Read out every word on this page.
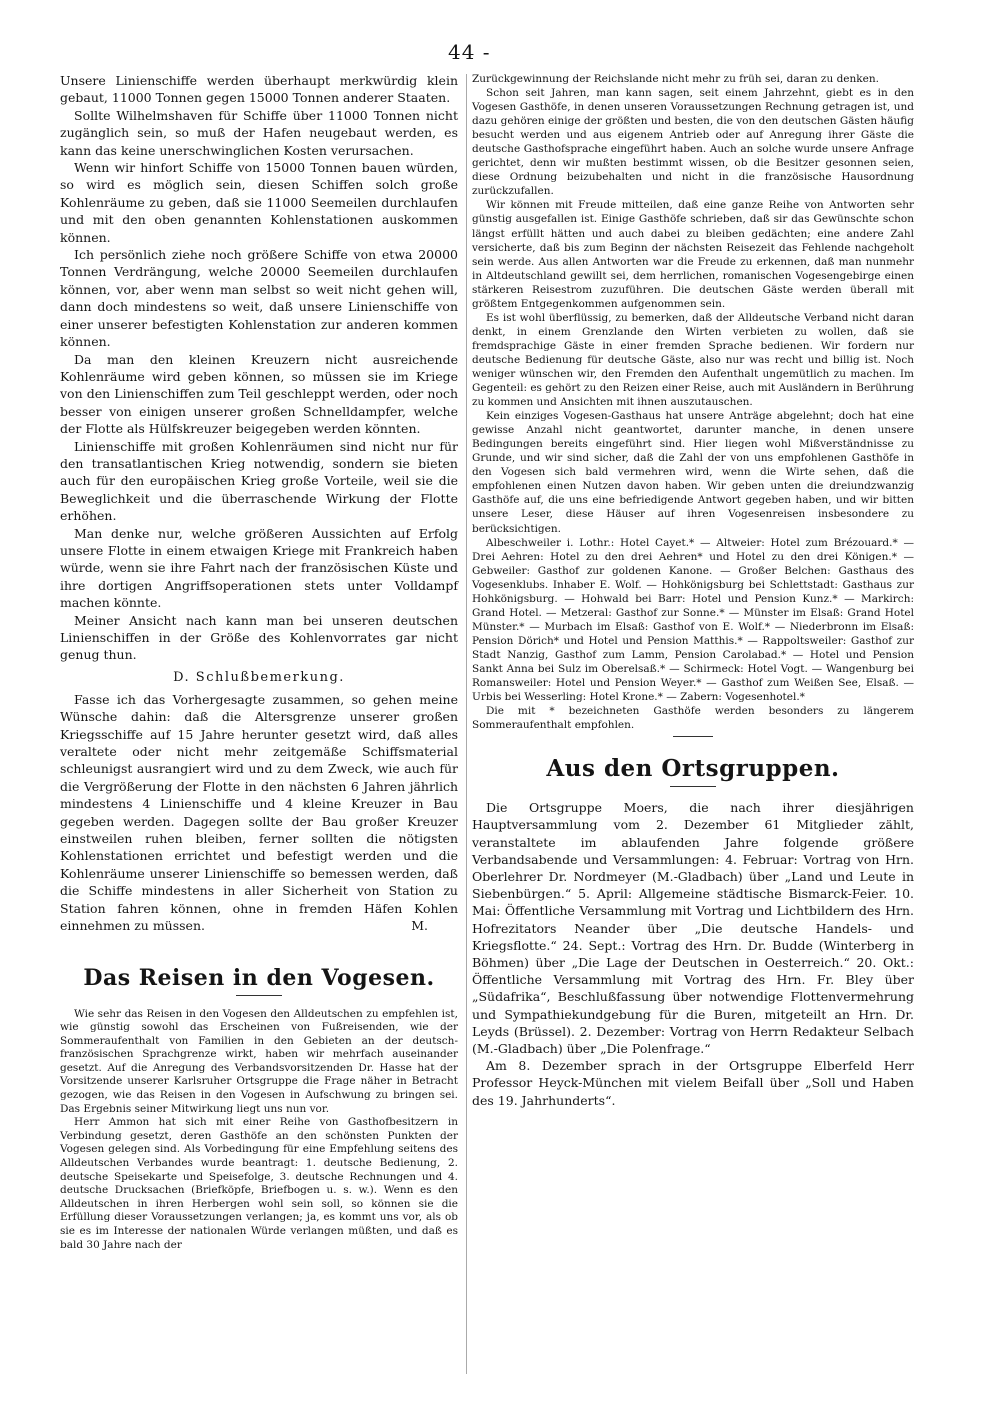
44 -

Unsere Linienschiffe werden überhaupt merkwürdig klein gebaut, 11000 Tonnen gegen 15000 Tonnen anderer Staaten.

Sollte Wilhelmshaven für Schiffe über 11000 Tonnen nicht zugänglich sein, so muß der Hafen neugebaut werden, es kann das keine unerschwinglichen Kosten verursachen.

Wenn wir hinfort Schiffe von 15000 Tonnen bauen würden, so wird es möglich sein, diesen Schiffen solch große Kohlenräume zu geben, daß sie 11000 Seemeilen durchlaufen und mit den oben genannten Kohlenstationen auskommen können.

Ich persönlich ziehe noch größere Schiffe von etwa 20000 Tonnen Verdrängung, welche 20000 Seemeilen durchlaufen können, vor, aber wenn man selbst so weit nicht gehen will, dann doch mindestens so weit, daß unsere Linienschiffe von einer unserer befestigten Kohlenstation zur anderen kommen können.

Da man den kleinen Kreuzern nicht ausreichende Kohlenräume wird geben können, so müssen sie im Kriege von den Linienschiffen zum Teil geschleppt werden, oder noch besser von einigen unserer großen Schnelldampfer, welche der Flotte als Hülfskreuzer beigegeben werden könnten.

Linienschiffe mit großen Kohlenräumen sind nicht nur für den transatlantischen Krieg notwendig, sondern sie bieten auch für den europäischen Krieg große Vorteile, weil sie die Beweglichkeit und die überraschende Wirkung der Flotte erhöhen.

Man denke nur, welche größeren Aussichten auf Erfolg unsere Flotte in einem etwaigen Kriege mit Frankreich haben würde, wenn sie ihre Fahrt nach der französischen Küste und ihre dortigen Angriffsoperationen stets unter Volldampf machen könnte.

Meiner Ansicht nach kann man bei unseren deutschen Linienschiffen in der Größe des Kohlenvorrates gar nicht genug thun.

D. Schlußbemerkung.

Fasse ich das Vorhergesagte zusammen, so gehen meine Wünsche dahin: daß die Altersgrenze unserer großen Kriegsschiffe auf 15 Jahre herunter gesetzt wird, daß alles veraltete oder nicht mehr zeitgemäße Schiffsmaterial schleunigst ausrangiert wird und zu dem Zweck, wie auch für die Vergrößerung der Flotte in den nächsten 6 Jahren jährlich mindestens 4 Linienschiffe und 4 kleine Kreuzer in Bau gegeben werden. Dagegen sollte der Bau großer Kreuzer einstweilen ruhen bleiben, ferner sollten die nötigsten Kohlenstationen errichtet und befestigt werden und die Kohlenräume unserer Linienschiffe so bemessen werden, daß die Schiffe mindestens in aller Sicherheit von Station zu Station fahren können, ohne in fremden Häfen Kohlen einnehmen zu müssen.	M.

Das Reisen in den Vogesen.

Wie sehr das Reisen in den Vogesen den Alldeutschen zu empfehlen ist, wie günstig sowohl das Erscheinen von Fußreisenden, wie der Sommeraufenthalt von Familien in den Gebieten an der deutsch-französischen Sprachgrenze wirkt, haben wir mehrfach auseinander gesetzt. Auf die Anregung des Verbandsvorsitzenden Dr. Hasse hat der Vorsitzende unserer Karlsruher Ortsgruppe die Frage näher in Betracht gezogen, wie das Reisen in den Vogesen in Aufschwung zu bringen sei. Das Ergebnis seiner Mitwirkung liegt uns nun vor.

Herr Ammon hat sich mit einer Reihe von Gasthofbesitzern in Verbindung gesetzt, deren Gasthöfe an den schönsten Punkten der Vogesen gelegen sind. Als Vorbedingung für eine Empfehlung seitens des Alldeutschen Verbandes wurde beantragt: 1. deutsche Bedienung, 2. deutsche Speisekarte und Speisefolge, 3. deutsche Rechnungen und 4. deutsche Drucksachen (Briefköpfe, Briefbogen u. s. w.). Wenn es den Alldeutschen in ihren Herbergen wohl sein soll, so können sie die Erfüllung dieser Voraussetzungen verlangen; ja, es kommt uns vor, als ob sie es im Interesse der nationalen Würde verlangen müßten, und daß es bald 30 Jahre nach der

Zurückgewinnung der Reichslande nicht mehr zu früh sei, daran zu denken.

Schon seit Jahren, man kann sagen, seit einem Jahrzehnt, giebt es in den Vogesen Gasthöfe, in denen unseren Voraussetzungen Rechnung getragen ist, und dazu gehören einige der größten und besten, die von den deutschen Gästen häufig besucht werden und aus eigenem Antrieb oder auf Anregung ihrer Gäste die deutsche Gasthofsprache eingeführt haben. Auch an solche wurde unsere Anfrage gerichtet, denn wir mußten bestimmt wissen, ob die Besitzer gesonnen seien, diese Ordnung beizubehalten und nicht in die französische Hausordnung zurückzufallen.

Wir können mit Freude mitteilen, daß eine ganze Reihe von Antworten sehr günstig ausgefallen ist. Einige Gasthöfe schrieben, daß sir das Gewünschte schon längst erfüllt hätten und auch dabei zu bleiben gedächten; eine andere Zahl versicherte, daß bis zum Beginn der nächsten Reisezeit das Fehlende nachgeholt sein werde. Aus allen Antworten war die Freude zu erkennen, daß man nunmehr in Altdeutschland gewillt sei, dem herrlichen, romanischen Vogesengebirge einen stärkeren Reisestrom zuzuführen. Die deutschen Gäste werden überall mit größtem Entgegenkommen aufgenommen sein.

Es ist wohl überflüssig, zu bemerken, daß der Alldeutsche Verband nicht daran denkt, in einem Grenzlande den Wirten verbieten zu wollen, daß sie fremdsprachige Gäste in einer fremden Sprache bedienen. Wir fordern nur deutsche Bedienung für deutsche Gäste, also nur was recht und billig ist. Noch weniger wünschen wir, den Fremden den Aufenthalt ungemütlich zu machen. Im Gegenteil: es gehört zu den Reizen einer Reise, auch mit Ausländern in Berührung zu kommen und Ansichten mit ihnen auszutauschen.

Kein einziges Vogesen-Gasthaus hat unsere Anträge abgelehnt; doch hat eine gewisse Anzahl nicht geantwortet, darunter manche, in denen unsere Bedingungen bereits eingeführt sind. Hier liegen wohl Mißverständnisse zu Grunde, und wir sind sicher, daß die Zahl der von uns empfohlenen Gasthöfe in den Vogesen sich bald vermehren wird, wenn die Wirte sehen, daß die empfohlenen einen Nutzen davon haben. Wir geben unten die dreiundzwanzig Gasthöfe auf, die uns eine befriedigende Antwort gegeben haben, und wir bitten unsere Leser, diese Häuser auf ihren Vogesenreisen insbesondere zu berücksichtigen.

Albeschweiler i. Lothr.: Hotel Cayet.* — Altweier: Hotel zum Brézouard.* — Drei Aehren: Hotel zu den drei Aehren* und Hotel zu den drei Königen.* — Gebweiler: Gasthof zur goldenen Kanone. — Großer Belchen: Gasthaus des Vogesenklubs. Inhaber E. Wolf. — Hohkönigsburg bei Schlettstadt: Gasthaus zur Hohkönigsburg. — Hohwald bei Barr: Hotel und Pension Kunz.* — Markirch: Grand Hotel. — Metzeral: Gasthof zur Sonne.* — Münster im Elsaß: Grand Hotel Münster.* — Murbach im Elsaß: Gasthof von E. Wolf.* — Niederbronn im Elsaß: Pension Dörich* und Hotel und Pension Matthis.* — Rappoltsweiler: Gasthof zur Stadt Nanzig, Gasthof zum Lamm, Pension Carolabad.* — Hotel und Pension Sankt Anna bei Sulz im Oberelsaß.* — Schirmeck: Hotel Vogt. — Wangenburg bei Romansweiler: Hotel und Pension Weyer.* — Gasthof zum Weißen See, Elsaß. — Urbis bei Wesserling: Hotel Krone.* — Zabern: Vogesenhotel.*

Die mit * bezeichneten Gasthöfe werden besonders zu längerem Sommeraufenthalt empfohlen.

Aus den Ortsgruppen.

Die Ortsgruppe Moers, die nach ihrer diesjährigen Hauptversammlung vom 2. Dezember 61 Mitglieder zählt, veranstaltete im ablaufenden Jahre folgende größere Verbandsabende und Versammlungen: 4. Februar: Vortrag von Hrn. Oberlehrer Dr. Nordmeyer (M.-Gladbach) über „Land und Leute in Siebenbürgen.“ 5. April: Allgemeine städtische Bismarck-Feier. 10. Mai: Öffentliche Versammlung mit Vortrag und Lichtbildern des Hrn. Hofrezitators Neander über „Die deutsche Handels- und Kriegsflotte.“ 24. Sept.: Vortrag des Hrn. Dr. Budde (Winterberg in Böhmen) über „Die Lage der Deutschen in Oesterreich.“ 20. Okt.: Öffentliche Versammlung mit Vortrag des Hrn. Fr. Bley über „Südafrika“, Beschlußfassung über notwendige Flottenvermehrung und Sympathiekundgebung für die Buren, mitgeteilt an Hrn. Dr. Leyds (Brüssel). 2. Dezember: Vortrag von Herrn Redakteur Selbach (M.-Gladbach) über „Die Polenfrage.“

Am 8. Dezember sprach in der Ortsgruppe Elberfeld Herr Professor Heyck-München mit vielem Beifall über „Soll und Haben des 19. Jahrhunderts“.
